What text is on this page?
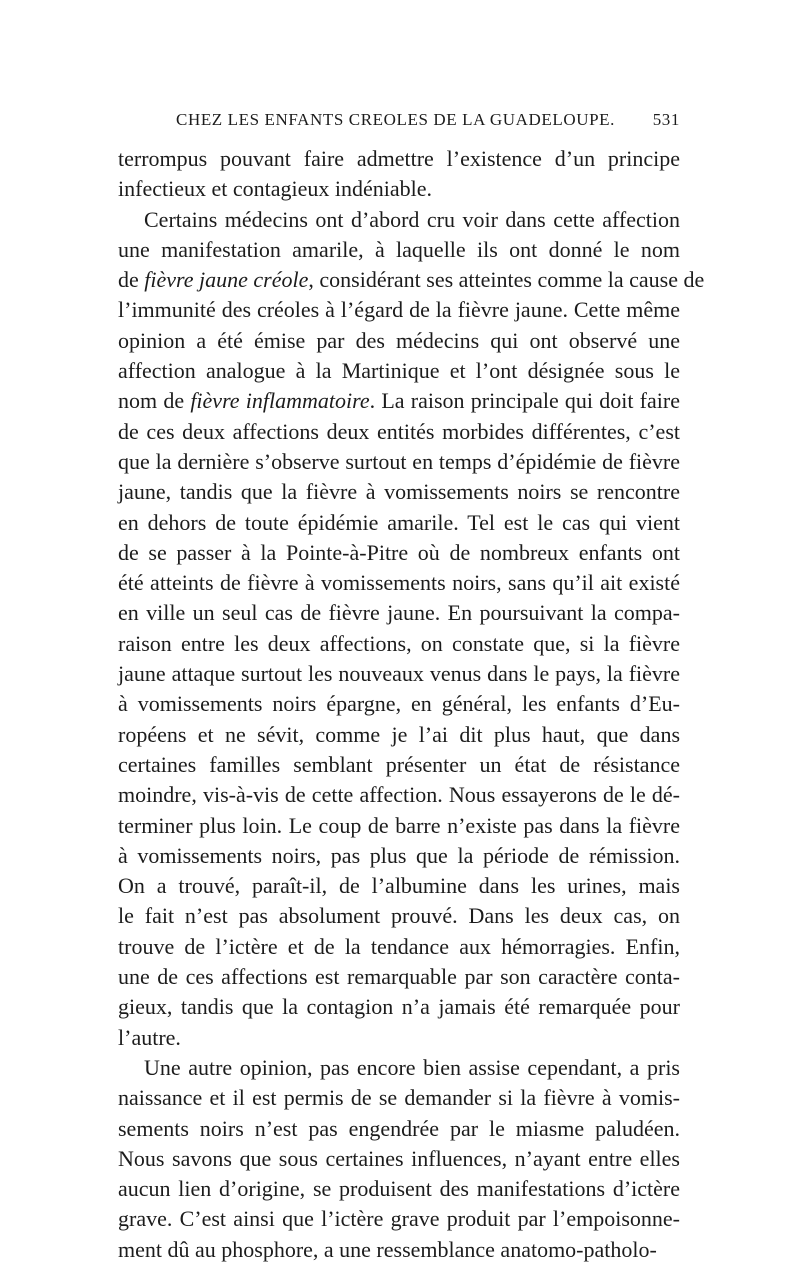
CHEZ LES ENFANTS CREOLES DE LA GUADELOUPE. 531
terrompus pouvant faire admettre l’existence d’un principe
infectieux et contagieux indéniable.
Certains médecins ont d’abord cru voir dans cette affection
une manifestation amarile, à laquelle ils ont donné le nom
de fièvre jaune créole, considérant ses atteintes comme la cause de
l’immunité des créoles à l’égard de la fièvre jaune. Cette même
opinion a été émise par des médecins qui ont observé une
affection analogue à la Martinique et l’ont désignée sous le
nom de fièvre inflammatoire. La raison principale qui doit faire
de ces deux affections deux entités morbides différentes, c’est
que la dernière s’observe surtout en temps d’épidémie de fièvre
jaune, tandis que la fièvre à vomissements noirs se rencontre
en dehors de toute épidémie amarile. Tel est le cas qui vient
de se passer à la Pointe-à-Pitre où de nombreux enfants ont
été atteints de fièvre à vomissements noirs, sans qu’il ait existé
en ville un seul cas de fièvre jaune. En poursuivant la compa-
raison entre les deux affections, on constate que, si la fièvre
jaune attaque surtout les nouveaux venus dans le pays, la fièvre
à vomissements noirs épargne, en général, les enfants d’Eu-
ropéens et ne sévit, comme je l’ai dit plus haut, que dans
certaines familles semblant présenter un état de résistance
moindre, vis-à-vis de cette affection. Nous essayerons de le dé-
terminer plus loin. Le coup de barre n’existe pas dans la fièvre
à vomissements noirs, pas plus que la période de rémission.
On a trouvé, paraît-il, de l’albumine dans les urines, mais
le fait n’est pas absolument prouvé. Dans les deux cas, on
trouve de l’ictère et de la tendance aux hémorragies. Enfin,
une de ces affections est remarquable par son caractère conta-
gieux, tandis que la contagion n’a jamais été remarquée pour
l’autre.
Une autre opinion, pas encore bien assise cependant, a pris
naissance et il est permis de se demander si la fièvre à vomis-
sements noirs n’est pas engendrée par le miasme paludéen.
Nous savons que sous certaines influences, n’ayant entre elles
aucun lien d’origine, se produisent des manifestations d’ictère
grave. C’est ainsi que l’ictère grave produit par l’empoisonne-
ment dû au phosphore, a une ressemblance anatomo-patholo-
